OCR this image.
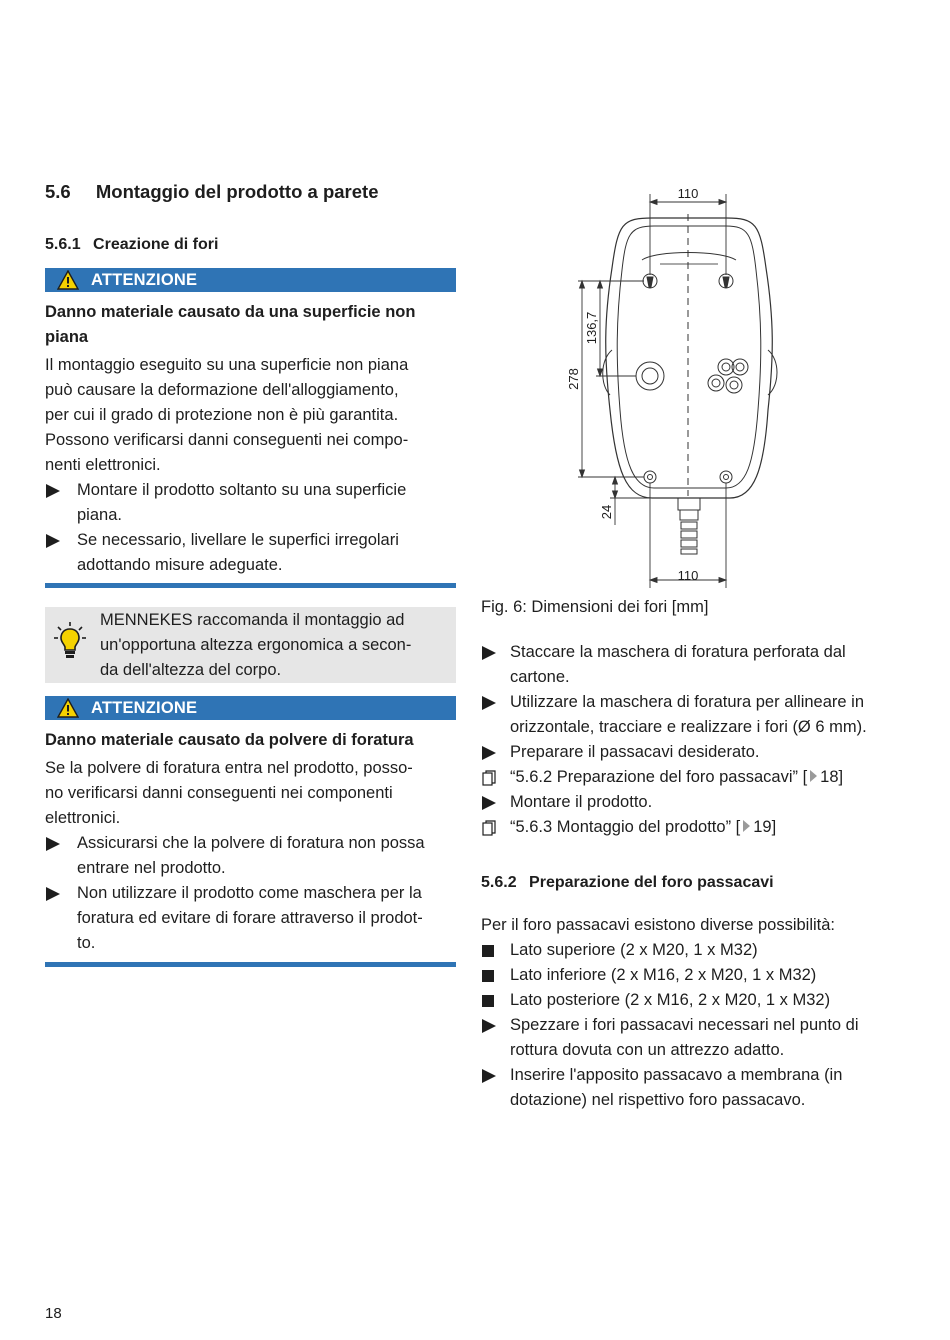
5.6 Montaggio del prodotto a parete
5.6.1 Creazione di fori
ATTENZIONE

Danno materiale causato da una superficie non

piana

Il montaggio eseguito su una superficie non piana

può causare la deformazione dell'alloggiamento,

per cui il grado di protezione non è più garantita.

Possono verificarsi danni conseguenti nei compo-

nenti elettronici.

Montare il prodotto soltanto su una superficie
piana.
Se necessario, livellare le superfici irregolari
adottando misure adeguate.

MENNEKES raccomanda il montaggio ad

un'opportuna altezza ergonomica a secon-

da dell'altezza del corpo.

ATTENZIONE

Danno materiale causato da polvere di foratura

Se la polvere di foratura entra nel prodotto, posso-

no verificarsi danni conseguenti nei componenti

elettronici.

Assicurarsi che la polvere di foratura non possa
entrare nel prodotto.
Non utilizzare il prodotto come maschera per la
foratura ed evitare di forare attraverso il prodot-
to.
110
110
278
136,7
24
Fig. 6: Dimensioni dei fori [mm]
Staccare la maschera di foratura perforata dal
cartone.
Utilizzare la maschera di foratura per allineare in
orizzontale, tracciare e realizzare i fori (Ø 6 mm).
Preparare il passacavi desiderato.
“5.6.2 Preparazione del foro passacavi” [ 18]
Montare il prodotto.
“5.6.3 Montaggio del prodotto” [ 19]
5.6.2 Preparazione del foro passacavi

Per il foro passacavi esistono diverse possibilità:

Lato superiore (2 x M20, 1 x M32)
Lato inferiore (2 x M16, 2 x M20, 1 x M32)
Lato posteriore (2 x M16, 2 x M20, 1 x M32)
Spezzare i fori passacavi necessari nel punto di
rottura dovuta con un attrezzo adatto.
Inserire l'apposito passacavo a membrana (in
dotazione) nel rispettivo foro passacavo.
18
